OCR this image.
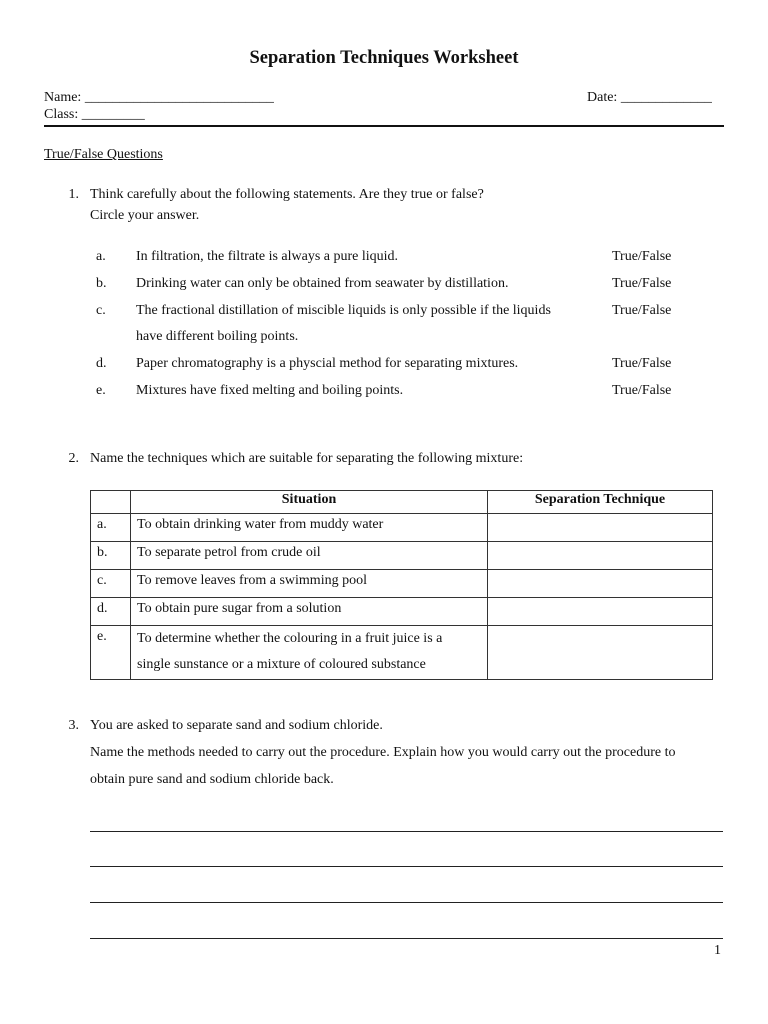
Separation Techniques Worksheet
Name: ___________________________	Date: _____________
Class: _________
True/False Questions
1. Think carefully about the following statements. Are they true or false?
Circle your answer.
a. In filtration, the filtrate is always a pure liquid.	True/False
b. Drinking water can only be obtained from seawater by distillation.	True/False
c. The fractional distillation of miscible liquids is only possible if the liquids
have different boiling points.
True/False
d. Paper chromatography is a physcial method for separating mixtures.	True/False
e. Mixtures have fixed melting and boiling points.	True/False
2. Name the techniques which are suitable for separating the following mixture:
	Situation	Separation Technique
a.	To obtain drinking water from muddy water	
b.	To separate petrol from crude oil	
c.	To remove leaves from a swimming pool	
d.	To obtain pure sugar from a solution	
e.	To determine whether the colouring in a fruit juice is a
single sunstance or a mixture of coloured substance	

3. You are asked to separate sand and sodium chloride.
Name the methods needed to carry out the procedure. Explain how you would carry out the procedure to
obtain pure sand and sodium chloride back.
1
